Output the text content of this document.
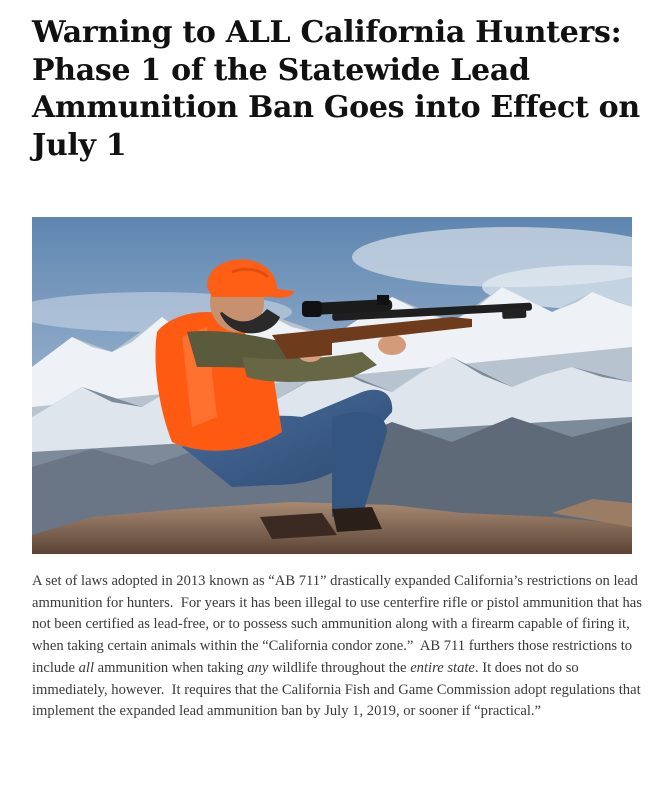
Warning to ALL California Hunters: Phase 1 of the Statewide Lead Ammunition Ban Goes into Effect on July 1

A set of laws adopted in 2013 known as “AB 711” drastically expanded California’s restrictions on lead ammunition for hunters.  For years it has been illegal to use centerfire rifle or pistol ammunition that has not been certified as lead-free, or to possess such ammunition along with a firearm capable of firing it, when taking certain animals within the “California condor zone.”  AB 711 furthers those restrictions to include all ammunition when taking any wildlife throughout the entire state. It does not do so immediately, however.  It requires that the California Fish and Game Commission adopt regulations that implement the expanded lead ammunition ban by July 1, 2019, or sooner if “practical.”
